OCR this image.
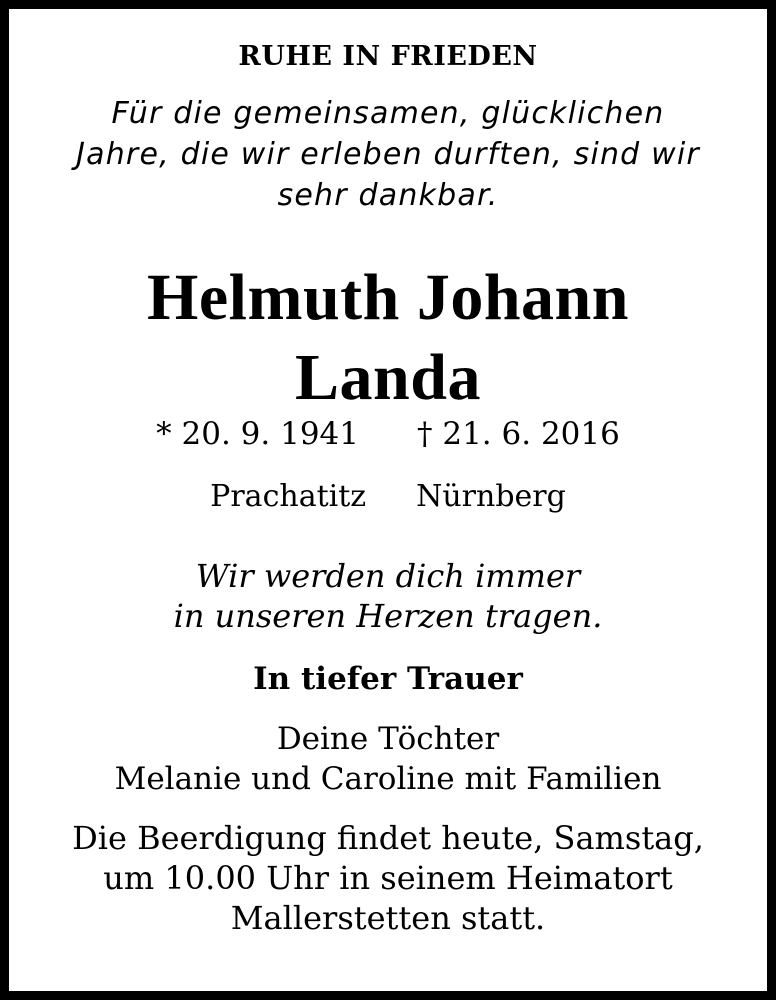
RUHE IN FRIEDEN
Für die gemeinsamen, glücklichen
Jahre, die wir erleben durften, sind wir
sehr dankbar.
Helmuth Johann
Landa
* 20. 9. 1941 † 21. 6. 2016
Prachatitz Nürnberg
Wir werden dich immer
in unseren Herzen tragen.
In tiefer Trauer
Deine Töchter
Melanie und Caroline mit Familien
Die Beerdigung findet heute, Samstag,
um 10.00 Uhr in seinem Heimatort
Mallerstetten statt.
